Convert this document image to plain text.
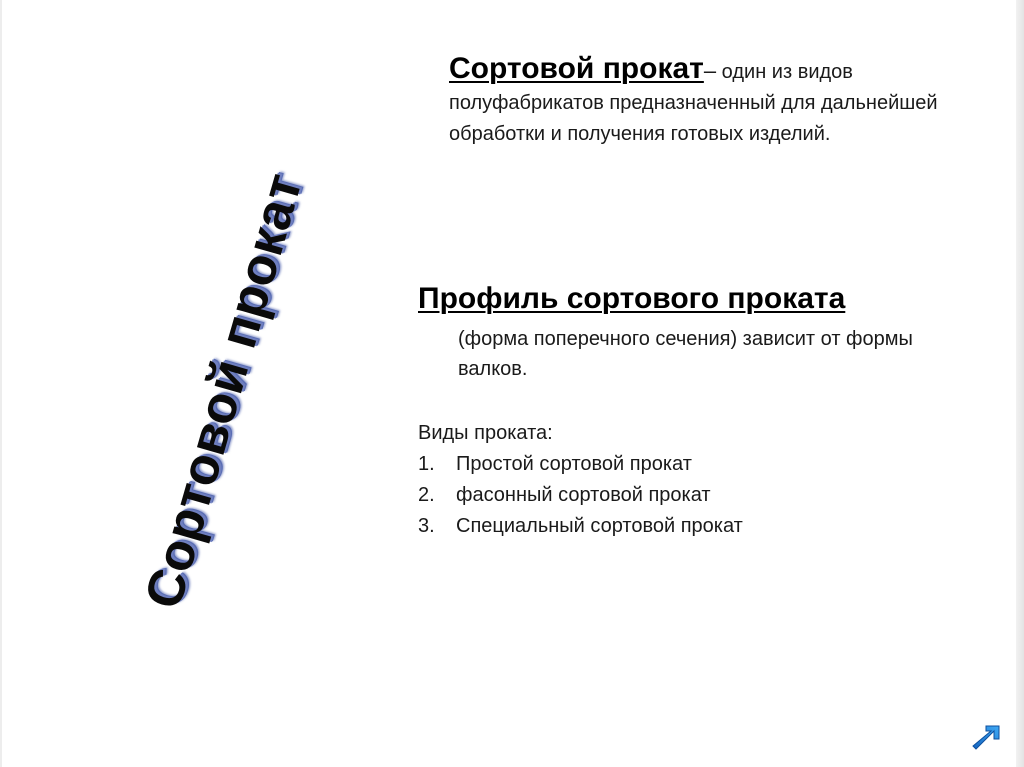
Сортовой прокат
Сортовой прокат– один из видов полуфабрикатов предназначенный для дальнейшей обработки и получения готовых изделий.
Профиль сортового проката
(форма поперечного сечения) зависит от формы валков.
Виды проката:
1.	Простой сортовой прокат
2.	фасонный сортовой прокат
3.	Специальный сортовой прокат
